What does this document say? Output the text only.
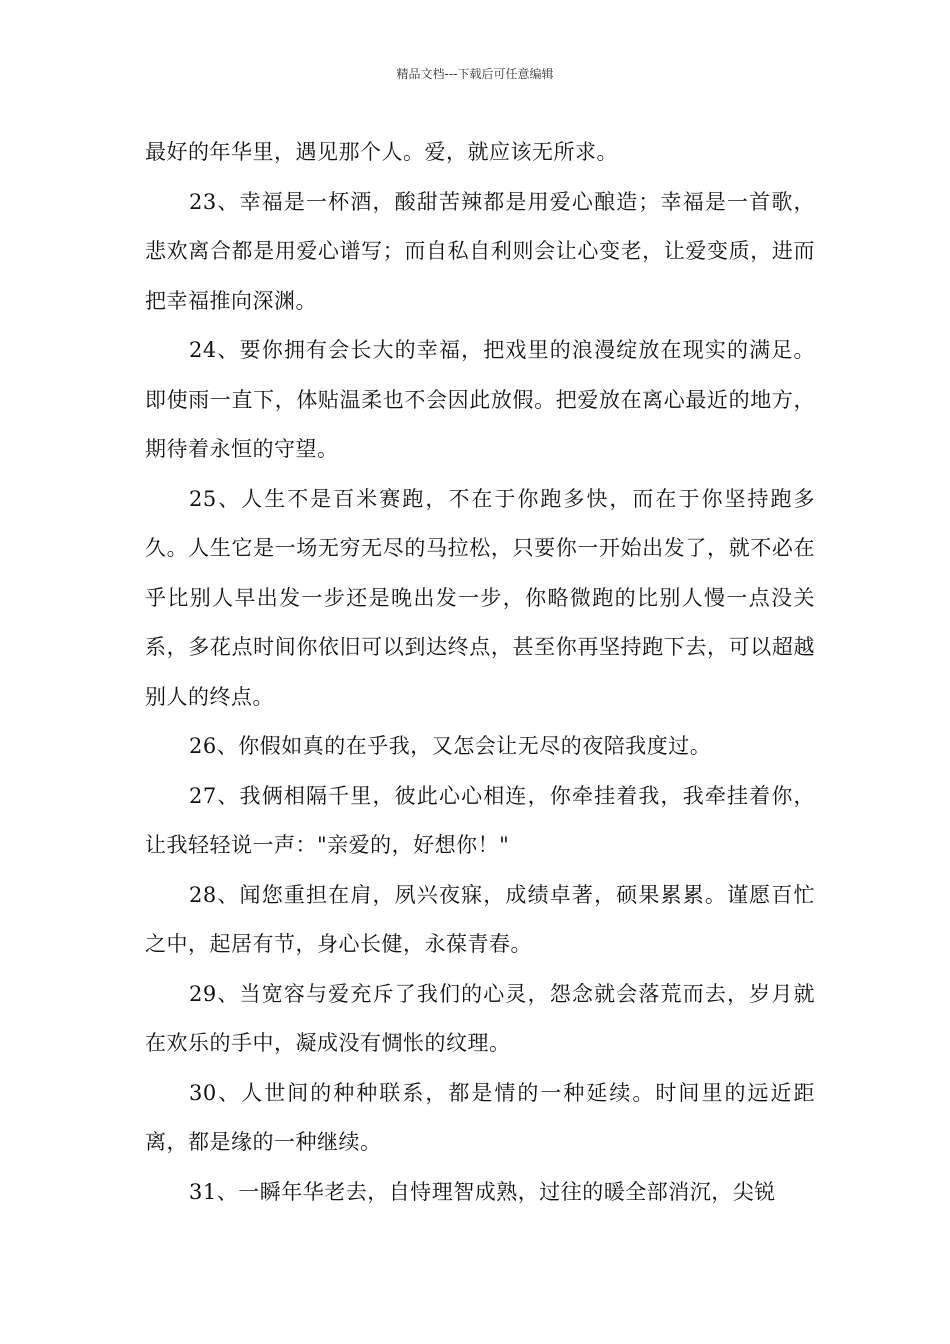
精品文档---下载后可任意编辑

最好的年华里，遇见那个人。爱，就应该无所求。

23、幸福是一杯酒，酸甜苦辣都是用爱心酿造；幸福是一首歌，悲欢离合都是用爱心谱写；而自私自利则会让心变老，让爱变质，进而把幸福推向深渊。

24、要你拥有会长大的幸福，把戏里的浪漫绽放在现实的满足。即使雨一直下，体贴温柔也不会因此放假。把爱放在离心最近的地方，期待着永恒的守望。

25、人生不是百米赛跑，不在于你跑多快，而在于你坚持跑多久。人生它是一场无穷无尽的马拉松，只要你一开始出发了，就不必在乎比别人早出发一步还是晚出发一步，你略微跑的比别人慢一点没关系，多花点时间你依旧可以到达终点，甚至你再坚持跑下去，可以超越别人的终点。

26、你假如真的在乎我，又怎会让无尽的夜陪我度过。

27、我俩相隔千里，彼此心心相连，你牵挂着我，我牵挂着你，让我轻轻说一声："亲爱的，好想你！"

28、闻您重担在肩，夙兴夜寐，成绩卓著，硕果累累。谨愿百忙之中，起居有节，身心长健，永葆青春。

29、当宽容与爱充斥了我们的心灵，怨念就会落荒而去，岁月就在欢乐的手中，凝成没有惆怅的纹理。

30、人世间的种种联系，都是情的一种延续。时间里的远近距离，都是缘的一种继续。

31、一瞬年华老去，自恃理智成熟，过往的暖全部消沉，尖锐
